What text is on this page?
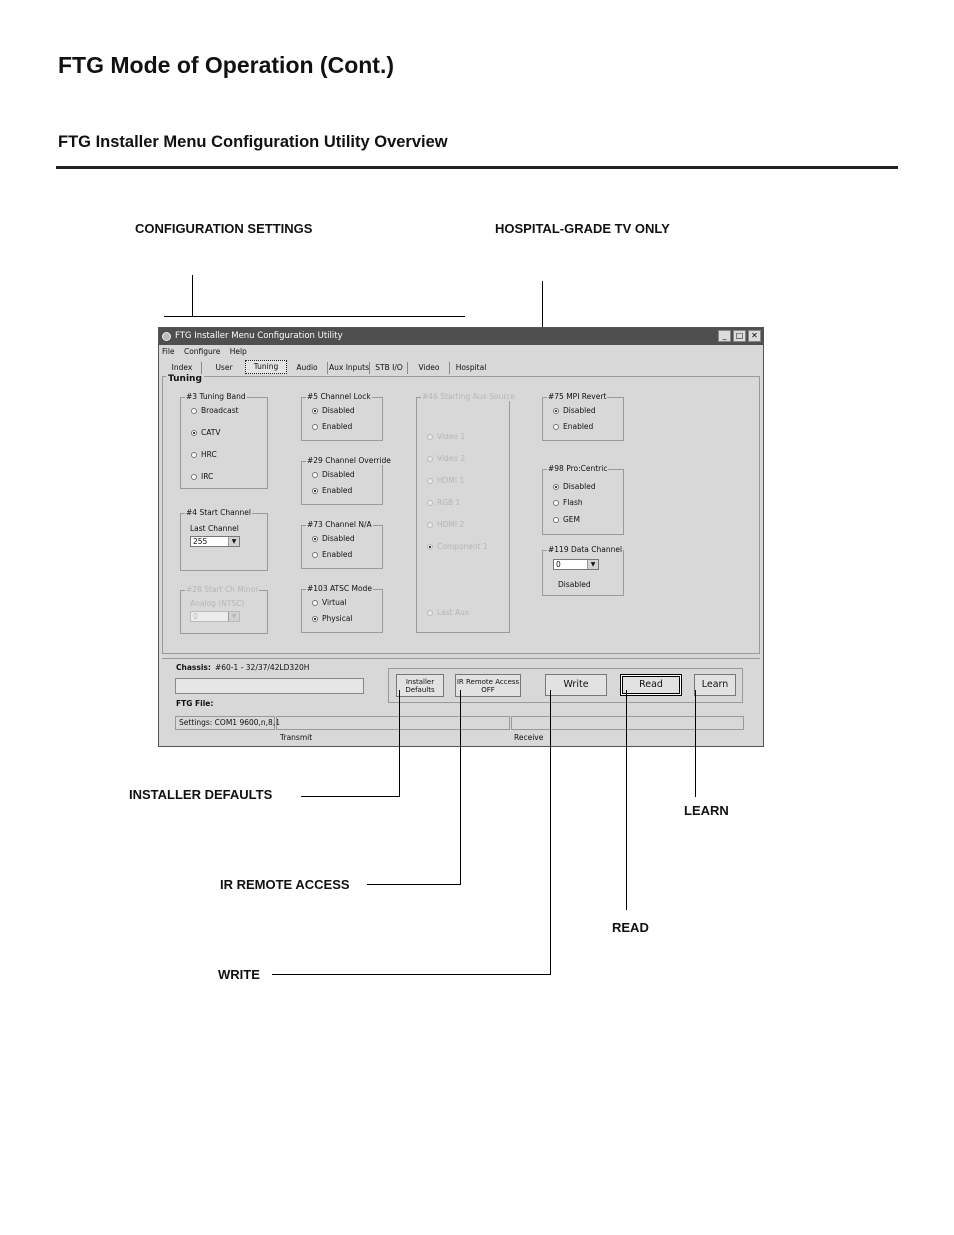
FTG Mode of Operation (Cont.)
FTG Installer Menu Configuration Utility Overview
CONFIGURATION SETTINGS	HOSPITAL-GRADE TV ONLY
FTG Installer Menu Configuration Utility	_	□ ✕
File Configure Help
Index	User	Tuning	Audio	Aux Inputs STB I/O	Video	Hospital
Tuning
#3 Tuning Band
Broadcast
CATV
HRC
IRC
#4 Start Channel
Last Channel
255	▼
#28 Start Ch Minor
Analog (NTSC)
0	▼
#5 Channel Lock
Disabled
Enabled
#29 Channel Override
Disabled
Enabled
#73 Channel N/A
Disabled
Enabled
#103 ATSC Mode
Virtual
Physical
#46 Starting Aux Source
Video 1
Video 2
HDMI 1
RGB 1
HDMI 2
Component 1
Last Aux
#75 MPI Revert
Disabled
Enabled
#98 Pro:Centric
Disabled
Flash
GEM
#119 Data Channel
0	▼
Disabled
Chassis: #60-1 - 32/37/42LD320H
FTG File:
Installer Defaults
IR Remote Access OFF	Write	Read	Learn
Settings: COM1 9600,n,8,1
Transmit	Receive
INSTALLER DEFAULTS
LEARN
IR REMOTE ACCESS
READ
WRITE
